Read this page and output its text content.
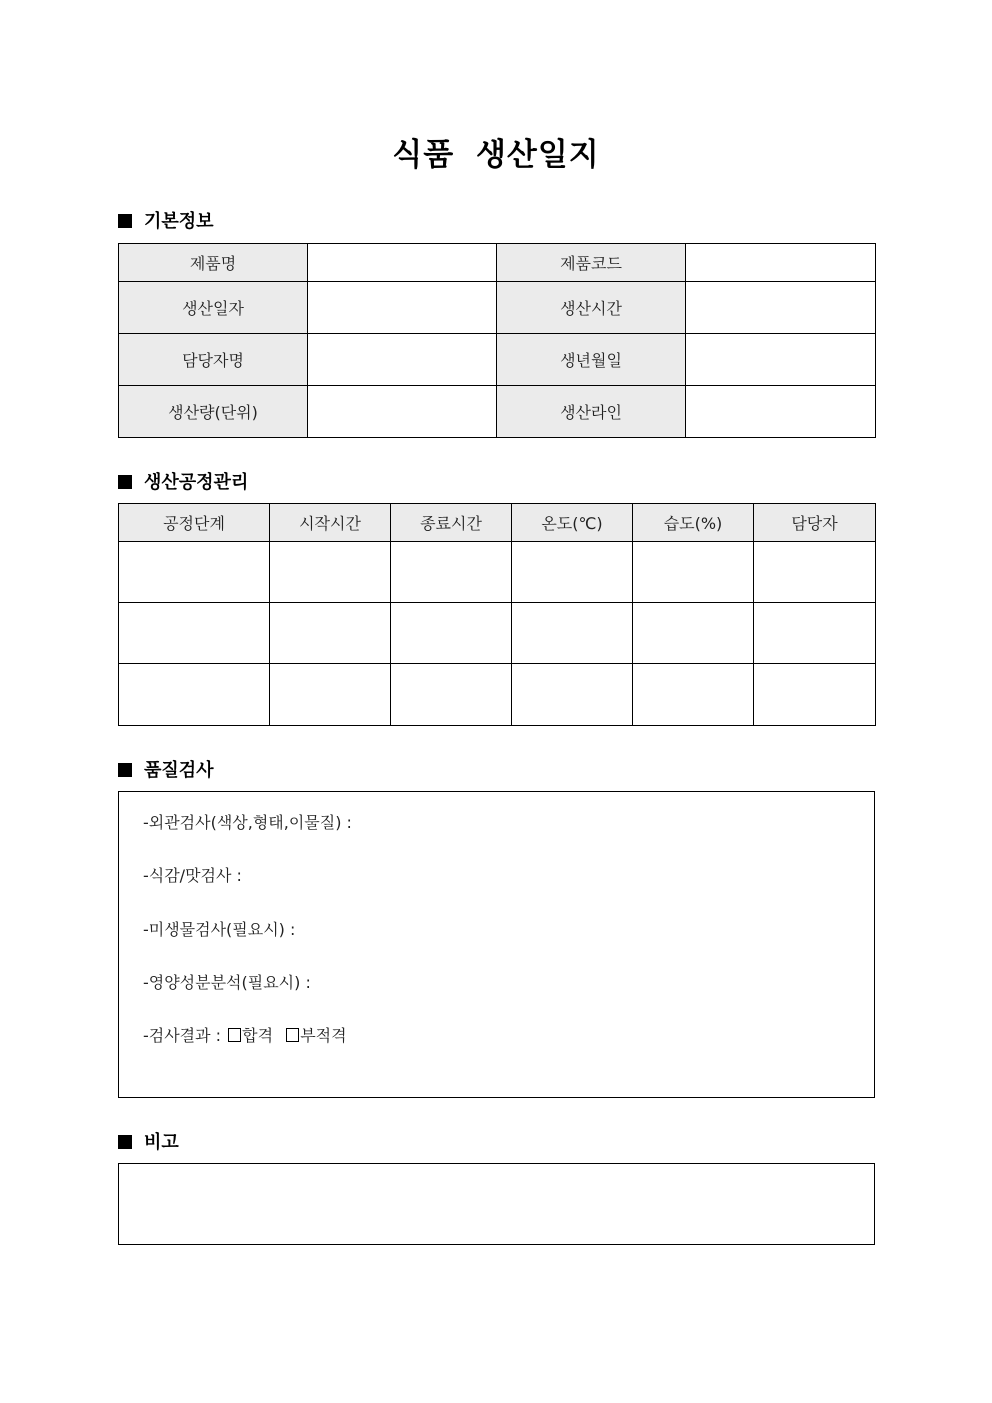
식품 생산일지
기본정보
제품명		제품코드	
생산일자		생산시간	
담당자명		생년월일	
생산량(단위)		생산라인	
생산공정관리
공정단계	시작시간	종료시간	온도(℃)	습도(%)	담당자

품질검사
-외관검사(색상,형태,이물질) :
-식감/맛검사 :
-미생물검사(필요시) :
-영양성분분석(필요시) :
-검사결과 : 합격 부적격
비고
